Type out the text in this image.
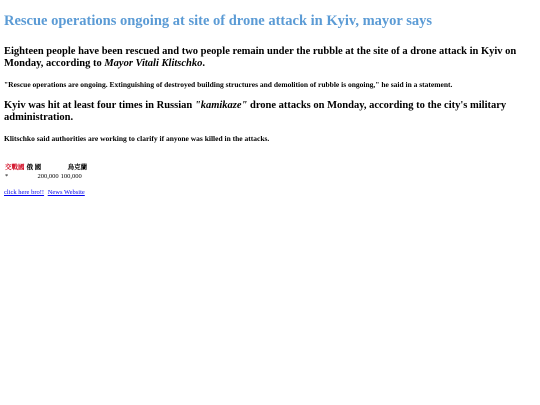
Rescue operations ongoing at site of drone attack in Kyiv, mayor says
Eighteen people have been rescued and two people remain under the rubble at the site of a drone attack in Kyiv on Monday, according to Mayor Vitali Klitschko.

"Rescue operations are ongoing. Extinguishing of destroyed building structures and demolition of rubble is ongoing," he said in a statement.

Kyiv was hit at least four times in Russian "kamikaze" drone attacks on Monday, according to the city's military administration.

Klitschko said authorities are working to clarify if anyone was killed in the attacks.

交戰國	俄 國	烏克蘭
*	200,000	100,000
click here bro!! News Website
